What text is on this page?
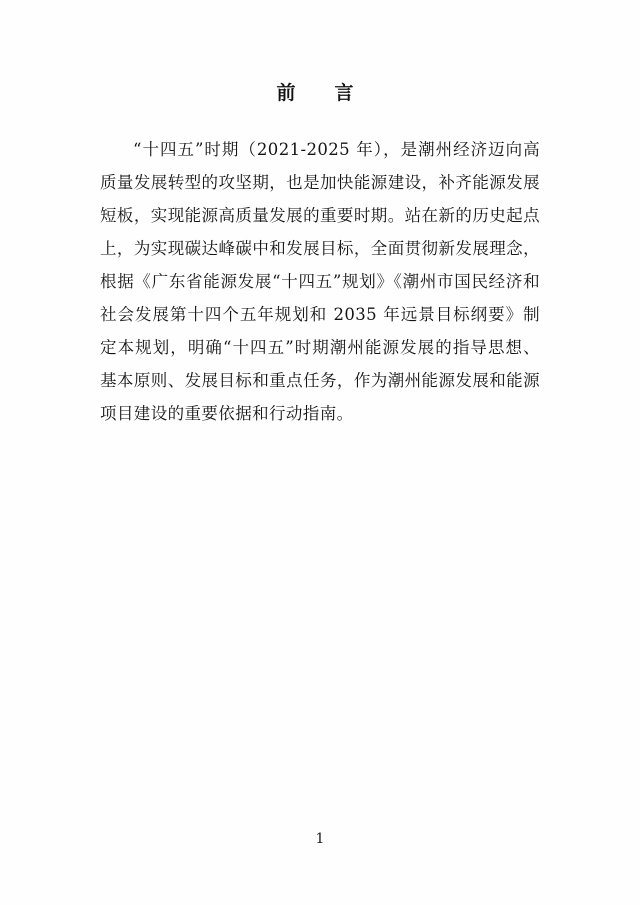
前　言

“十四五”时期（2021-2025 年），是潮州经济迈向高质量发展转型的攻坚期，也是加快能源建设，补齐能源发展短板，实现能源高质量发展的重要时期。站在新的历史起点上，为实现碳达峰碳中和发展目标，全面贯彻新发展理念，根据《广东省能源发展“十四五”规划》《潮州市国民经济和社会发展第十四个五年规划和 2035 年远景目标纲要》制定本规划，明确“十四五”时期潮州能源发展的指导思想、基本原则、发展目标和重点任务，作为潮州能源发展和能源项目建设的重要依据和行动指南。

1
